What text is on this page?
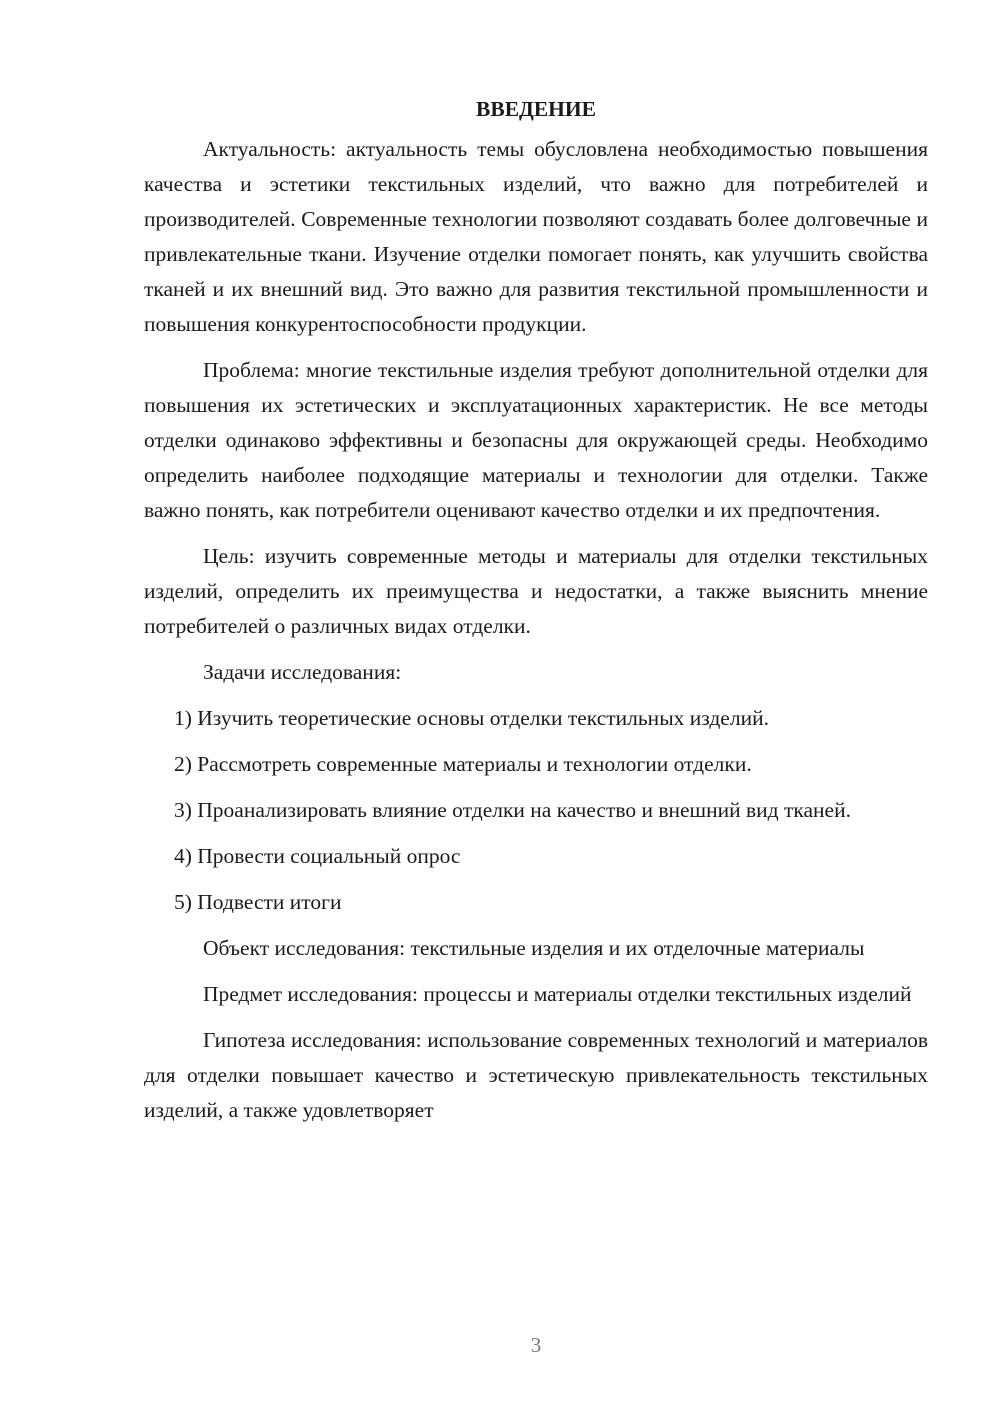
ВВЕДЕНИЕ

Актуальность: актуальность темы обусловлена необходимостью повышения качества и эстетики текстильных изделий, что важно для потребителей и производителей. Современные технологии позволяют создавать более долговечные и привлекательные ткани. Изучение отделки помогает понять, как улучшить свойства тканей и их внешний вид. Это важно для развития текстильной промышленности и повышения конкурентоспособности продукции.

Проблема: многие текстильные изделия требуют дополнительной отделки для повышения их эстетических и эксплуатационных характеристик. Не все методы отделки одинаково эффективны и безопасны для окружающей среды. Необходимо определить наиболее подходящие материалы и технологии для отделки. Также важно понять, как потребители оценивают качество отделки и их предпочтения.

Цель: изучить современные методы и материалы для отделки текстильных изделий, определить их преимущества и недостатки, а также выяснить мнение потребителей о различных видах отделки.

Задачи исследования:

1) Изучить теоретические основы отделки текстильных изделий.

2) Рассмотреть современные материалы и технологии отделки.

3) Проанализировать влияние отделки на качество и внешний вид тканей.

4) Провести социальный опрос

5) Подвести итоги

Объект исследования: текстильные изделия и их отделочные материалы

Предмет исследования: процессы и материалы отделки текстильных изделий

Гипотеза исследования: использование современных технологий и материалов для отделки повышает качество и эстетическую привлекательность текстильных изделий, а также удовлетворяет

3
